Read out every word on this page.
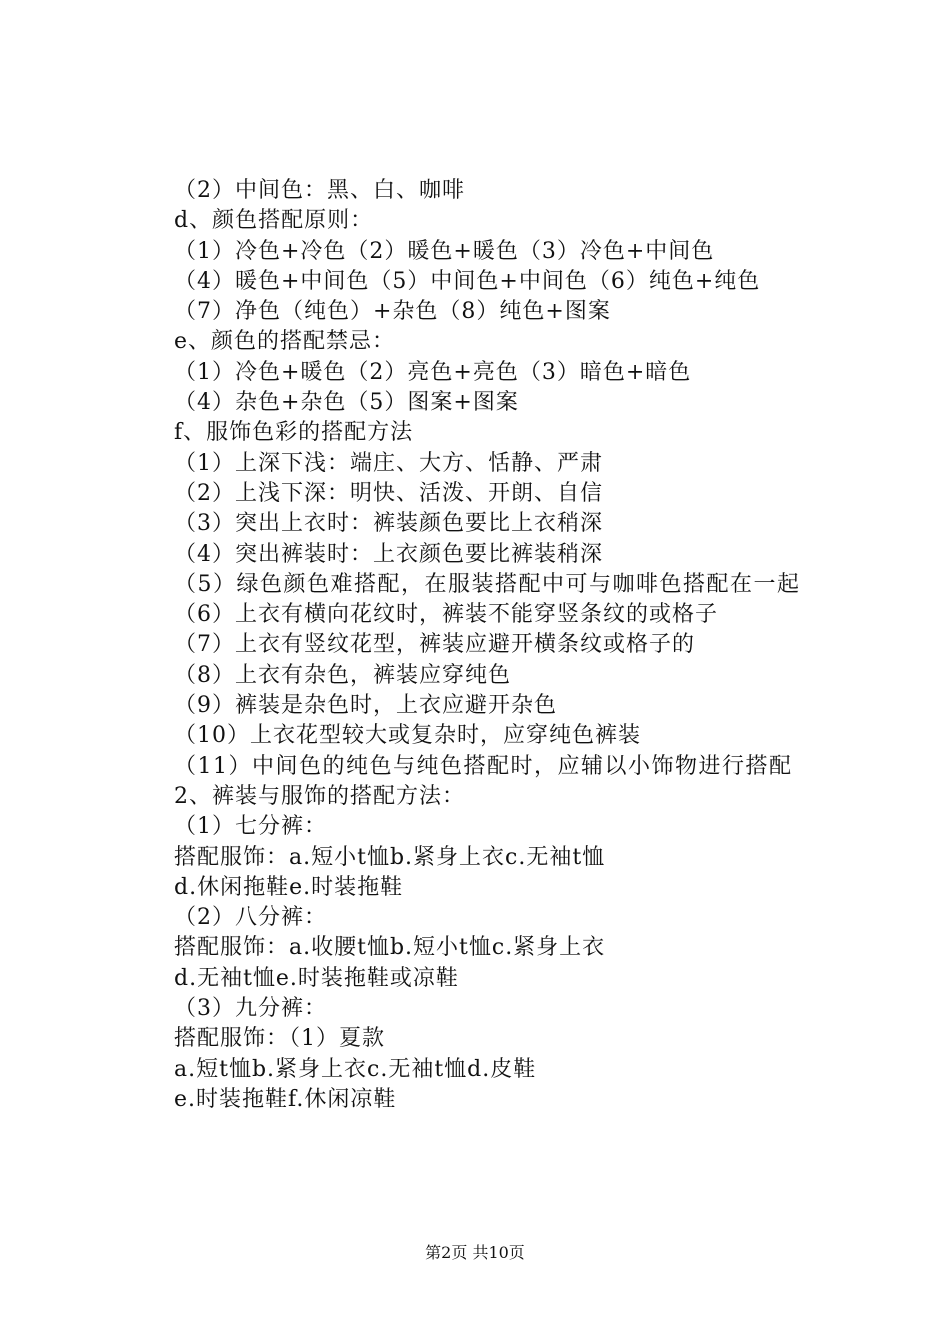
（2）中间色：黑、白、咖啡
d、颜色搭配原则：
（1）冷色+冷色（2）暖色+暖色（3）冷色+中间色
（4）暖色+中间色（5）中间色+中间色（6）纯色+纯色
（7）净色（纯色）+杂色（8）纯色+图案
e、颜色的搭配禁忌：
（1）冷色+暖色（2）亮色+亮色（3）暗色+暗色
（4）杂色+杂色（5）图案+图案
f、服饰色彩的搭配方法
（1）上深下浅：端庄、大方、恬静、严肃
（2）上浅下深：明快、活泼、开朗、自信
（3）突出上衣时：裤装颜色要比上衣稍深
（4）突出裤装时：上衣颜色要比裤装稍深
（5）绿色颜色难搭配，在服装搭配中可与咖啡色搭配在一起
（6）上衣有横向花纹时，裤装不能穿竖条纹的或格子
（7）上衣有竖纹花型，裤装应避开横条纹或格子的
（8）上衣有杂色，裤装应穿纯色
（9）裤装是杂色时，上衣应避开杂色
（10）上衣花型较大或复杂时，应穿纯色裤装
（11）中间色的纯色与纯色搭配时，应辅以小饰物进行搭配
2、裤装与服饰的搭配方法：
（1）七分裤：
搭配服饰：a.短小t恤b.紧身上衣c.无袖t恤
d.休闲拖鞋e.时装拖鞋
（2）八分裤：
搭配服饰：a.收腰t恤b.短小t恤c.紧身上衣
d.无袖t恤e.时装拖鞋或凉鞋
（3）九分裤：
搭配服饰：（1）夏款
a.短t恤b.紧身上衣c.无袖t恤d.皮鞋
e.时装拖鞋f.休闲凉鞋
第2页 共10页
